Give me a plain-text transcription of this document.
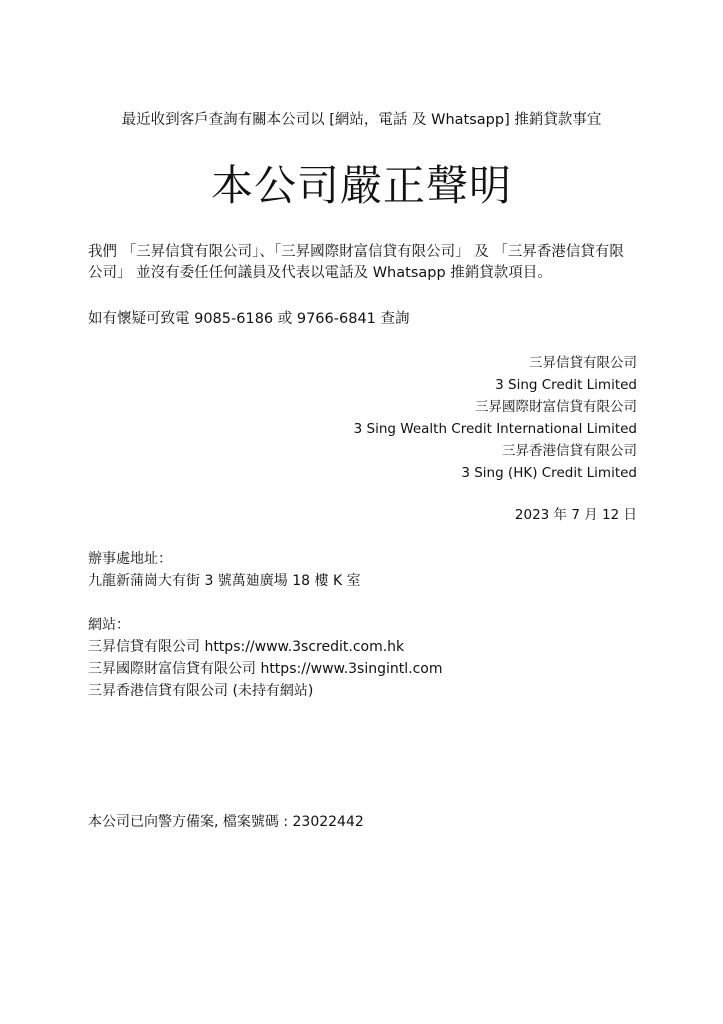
最近收到客戶查詢有關本公司以 [網站，電話 及 Whatsapp] 推銷貸款事宜
本公司嚴正聲明
我們 「三昇信貸有限公司」、「三昇國際財富信貸有限公司」 及 「三昇香港信貸有限公司」 並沒有委任任何議員及代表以電話及 Whatsapp 推銷貸款項目。
如有懷疑可致電 9085-6186 或 9766-6841 查詢
三昇信貸有限公司
3 Sing Credit Limited
三昇國際財富信貸有限公司
3 Sing Wealth Credit International Limited
三昇香港信貸有限公司
3 Sing (HK) Credit Limited
2023 年 7 月 12 日
辦事處地址：
九龍新蒲崗大有街 3 號萬廸廣場 18 樓 K 室
網站：
三昇信貸有限公司 https://www.3scredit.com.hk
三昇國際財富信貸有限公司 https://www.3singintl.com
三昇香港信貸有限公司 (未持有網站)
本公司已向警方備案, 檔案號碼 : 23022442
